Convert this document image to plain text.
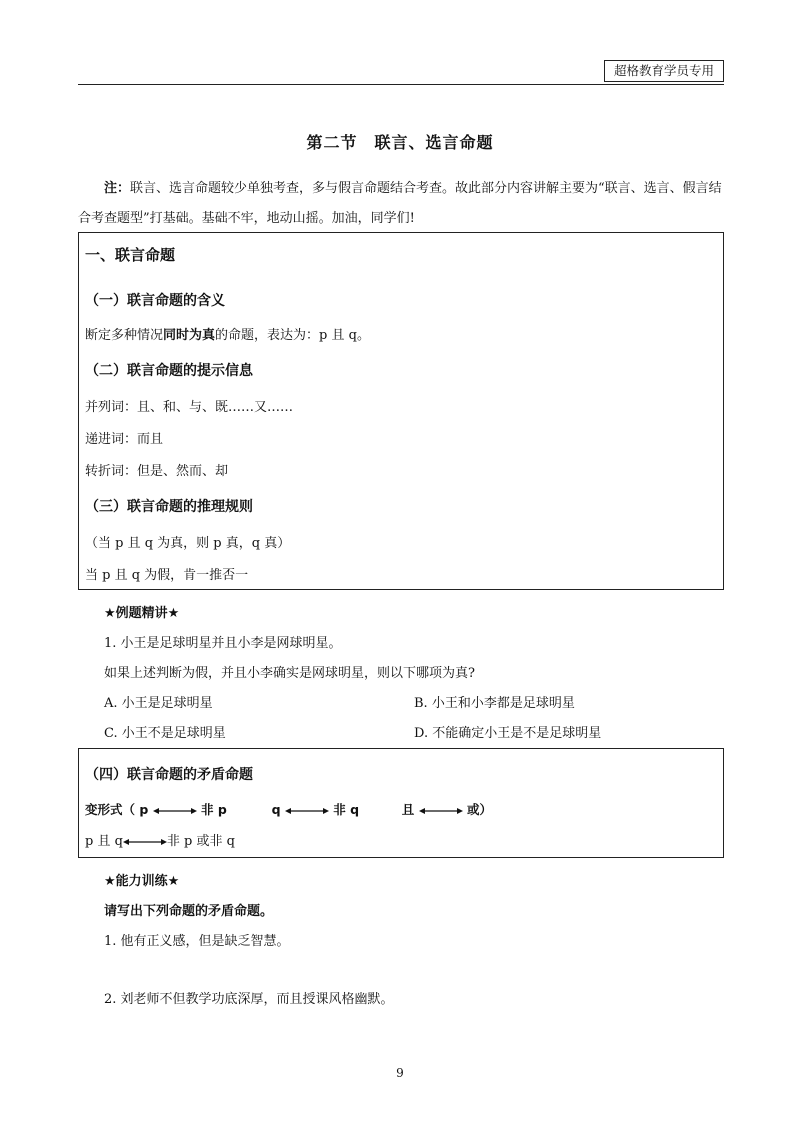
超格教育学员专用
第二节　联言、选言命题
注：联言、选言命题较少单独考查，多与假言命题结合考查。故此部分内容讲解主要为“联言、选言、假言结合考查题型”打基础。基础不牢，地动山摇。加油，同学们!
一、联言命题
（一）联言命题的含义
断定多种情况同时为真的命题，表达为：p 且 q。
（二）联言命题的提示信息
并列词：且、和、与、既……又……
递进词：而且
转折词：但是、然而、却
（三）联言命题的推理规则
（当 p 且 q 为真，则 p 真，q 真）
当 p 且 q 为假，肯一推否一
★例题精讲★
1. 小王是足球明星并且小李是网球明星。
如果上述判断为假，并且小李确实是网球明星，则以下哪项为真?
A. 小王是足球明星	B. 小王和小李都是足球明星
C. 小王不是足球明星	D. 不能确定小王是不是足球明星
（四）联言命题的矛盾命题
变形式（ p	非 p	q	非 q	且	或）
p 且 q	非 p 或非 q
★能力训练★
请写出下列命题的矛盾命题。
1. 他有正义感，但是缺乏智慧。
2. 刘老师不但教学功底深厚，而且授课风格幽默。
9
